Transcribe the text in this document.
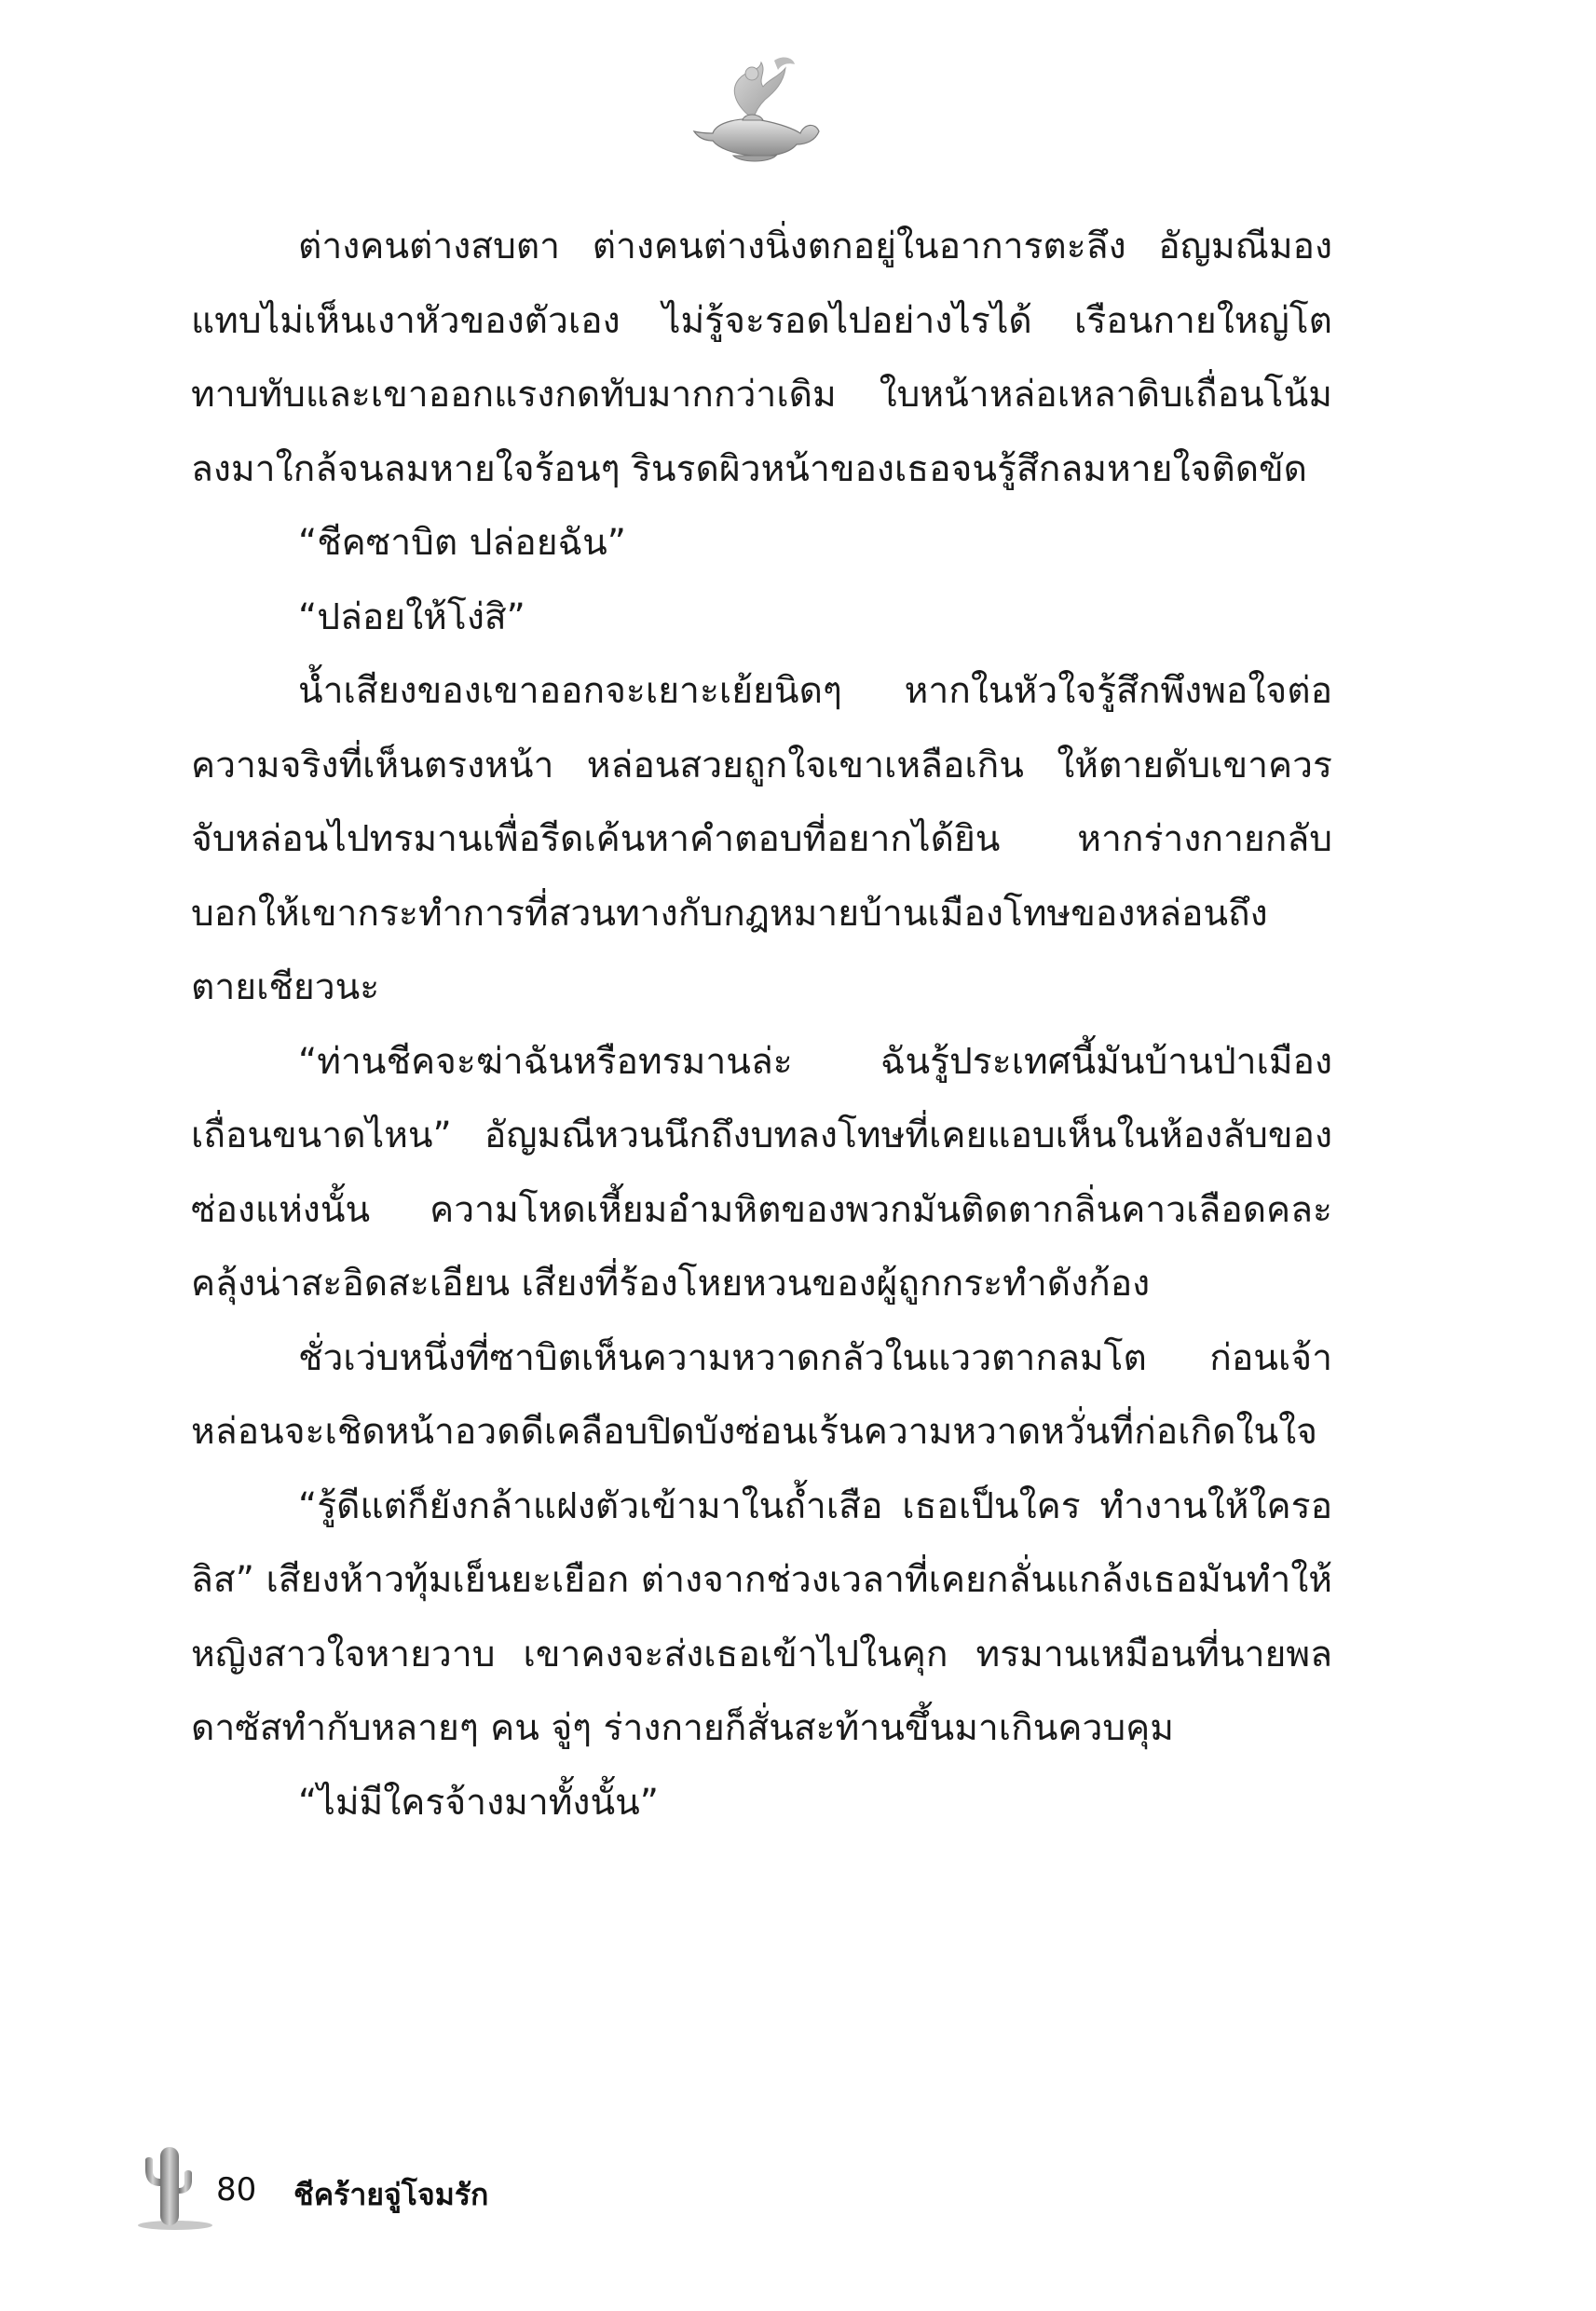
ต่างคนต่างสบตา ต่างคนต่างนิ่งตกอยู่ในอาการตะลึง อัญมณีมองแทบไม่เห็นเงาหัวของตัวเอง ไม่รู้จะรอดไปอย่างไรได้ เรือนกายใหญ่โตทาบทับและเขาออกแรงกดทับมากกว่าเดิม ใบหน้าหล่อเหลาดิบเถื่อนโน้มลงมาใกล้จนลมหายใจร้อนๆ รินรดผิวหน้าของเธอจนรู้สึกลมหายใจติดขัด

“ชีคซาบิต ปล่อยฉัน”

“ปล่อยให้โง่สิ”

น้ำเสียงของเขาออกจะเยาะเย้ยนิดๆ หากในหัวใจรู้สึกพึงพอใจต่อความจริงที่เห็นตรงหน้า หล่อนสวยถูกใจเขาเหลือเกิน ให้ตายดับเขาควรจับหล่อนไปทรมานเพื่อรีดเค้นหาคำตอบที่อยากได้ยิน หากร่างกายกลับบอกให้เขากระทำการที่สวนทางกับกฎหมายบ้านเมืองโทษของหล่อนถึงตายเชียวนะ

“ท่านชีคจะฆ่าฉันหรือทรมานล่ะ ฉันรู้ประเทศนี้มันบ้านป่าเมืองเถื่อนขนาดไหน” อัญมณีหวนนึกถึงบทลงโทษที่เคยแอบเห็นในห้องลับของซ่องแห่งนั้น ความโหดเหี้ยมอำมหิตของพวกมันติดตากลิ่นคาวเลือดคละคลุ้งน่าสะอิดสะเอียน เสียงที่ร้องโหยหวนของผู้ถูกกระทำดังก้อง

ชั่วเว่บหนึ่งที่ซาบิตเห็นความหวาดกลัวในแววตากลมโต ก่อนเจ้าหล่อนจะเชิดหน้าอวดดีเคลือบปิดบังซ่อนเร้นความหวาดหวั่นที่ก่อเกิดในใจ

“รู้ดีแต่ก็ยังกล้าแฝงตัวเข้ามาในถ้ำเสือ เธอเป็นใคร ทำงานให้ใครอลิส” เสียงห้าวทุ้มเย็นยะเยือก ต่างจากช่วงเวลาที่เคยกลั่นแกล้งเธอมันทำให้หญิงสาวใจหายวาบ เขาคงจะส่งเธอเข้าไปในคุก ทรมานเหมือนที่นายพลดาซัสทำกับหลายๆ คน จู่ๆ ร่างกายก็สั่นสะท้านขึ้นมาเกินควบคุม

“ไม่มีใครจ้างมาทั้งนั้น”

80 ชีคร้ายจู่โจมรัก
